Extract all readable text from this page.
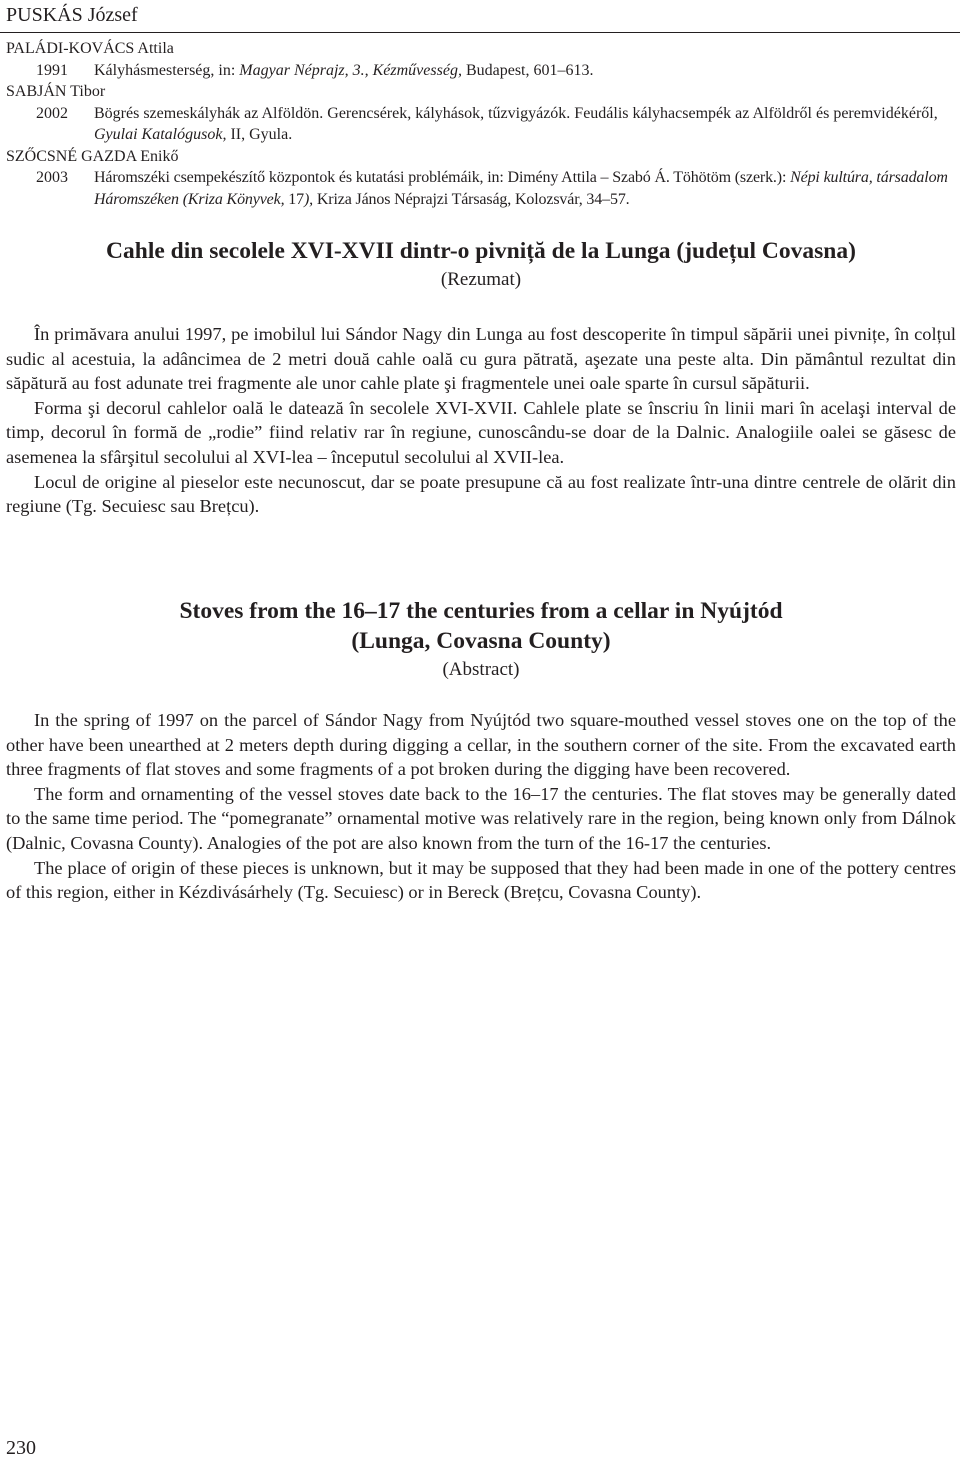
PUSKÁS József
PALÁDI-KOVÁCS Attila
1991	Kályhásmesterség, in: Magyar Néprajz, 3., Kézművesség, Budapest, 601–613.
SABJÁN Tibor
2002	Bögrés szemeskályhák az Alföldön. Gerencsérek, kályhások, tűzvigyázók. Feudális kályhacsempék az Alföldről és peremvidékéről, Gyulai Katalógusok, II, Gyula.
SZŐCSNÉ GAZDA Enikő
2003	Háromszéki csempekészítő központok és kutatási problémáik, in: Dimény Attila – Szabó Á. Töhötöm (szerk.): Népi kultúra, társadalom Háromszéken (Kriza Könyvek, 17), Kriza János Néprajzi Társaság, Kolozsvár, 34–57.

Cahle din secolele XVI-XVII dintr-o pivniță de la Lunga (județul Covasna)

(Rezumat)

În primăvara anului 1997, pe imobilul lui Sándor Nagy din Lunga au fost descoperite în timpul săpării unei pivnițe, în colțul sudic al acestuia, la adâncimea de 2 metri două cahle oală cu gura pătrată, aşezate una peste alta. Din pământul rezultat din săpătură au fost adunate trei fragmente ale unor cahle plate şi fragmentele unei oale sparte în cursul săpăturii.

Forma şi decorul cahlelor oală le datează în secolele XVI-XVII. Cahlele plate se înscriu în linii mari în acelaşi interval de timp, decorul în formă de „rodie” fiind relativ rar în regiune, cunoscându-se doar de la Dalnic. Analogiile oalei se găsesc de asemenea la sfârşitul secolului al XVI-lea – începutul secolului al XVII-lea.

Locul de origine al pieselor este necunoscut, dar se poate presupune că au fost realizate într-una dintre centrele de olărit din regiune (Tg. Secuiesc sau Brețcu).

Stoves from the 16–17 the centuries from a cellar in Nyújtód

(Lunga, Covasna County)

(Abstract)

In the spring of 1997 on the parcel of Sándor Nagy from Nyújtód two square-mouthed vessel stoves one on the top of the other have been unearthed at 2 meters depth during digging a cellar, in the southern corner of the site. From the excavated earth three fragments of flat stoves and some fragments of a pot broken during the digging have been recovered.

The form and ornamenting of the vessel stoves date back to the 16–17 the centuries. The flat stoves may be generally dated to the same time period. The “pomegranate” ornamental motive was relatively rare in the region, being known only from Dálnok (Dalnic, Covasna County). Analogies of the pot are also known from the turn of the 16-17 the centuries.

The place of origin of these pieces is unknown, but it may be supposed that they had been made in one of the pottery centres of this region, either in Kézdivásárhely (Tg. Secuiesc) or in Bereck (Brețcu, Covasna County).

230
